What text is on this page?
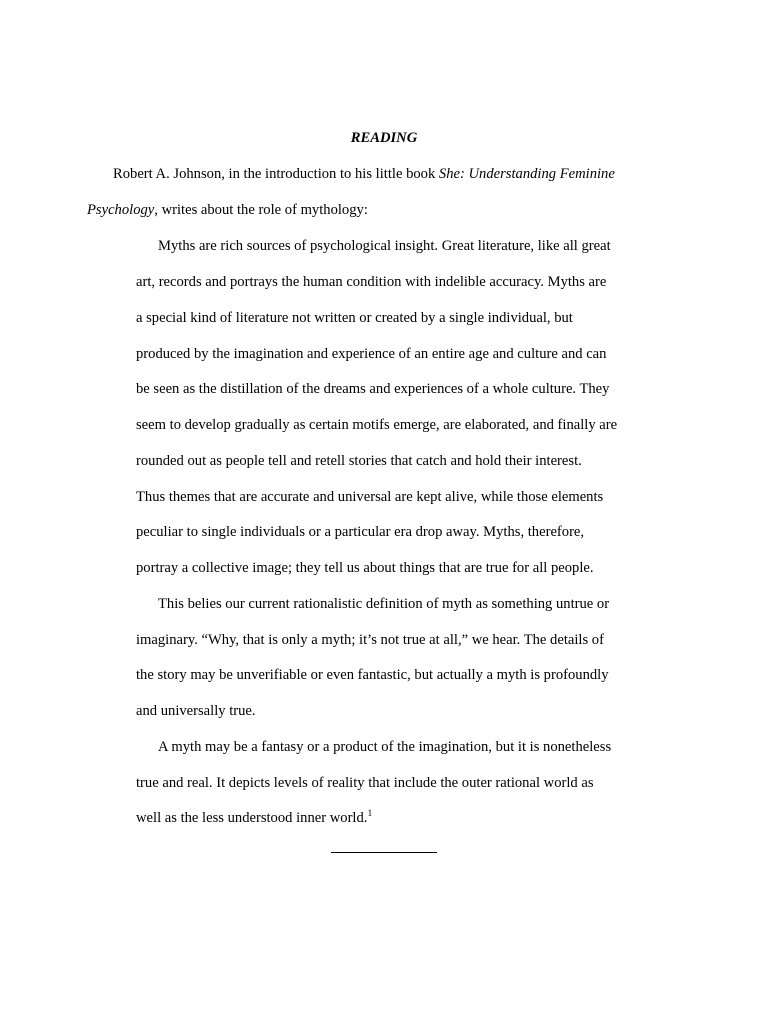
READING
Robert A. Johnson, in the introduction to his little book She: Understanding Feminine
Psychology, writes about the role of mythology:
Myths are rich sources of psychological insight. Great literature, like all great
art, records and portrays the human condition with indelible accuracy. Myths are
a special kind of literature not written or created by a single individual, but
produced by the imagination and experience of an entire age and culture and can
be seen as the distillation of the dreams and experiences of a whole culture. They
seem to develop gradually as certain motifs emerge, are elaborated, and finally are
rounded out as people tell and retell stories that catch and hold their interest.
Thus themes that are accurate and universal are kept alive, while those elements
peculiar to single individuals or a particular era drop away. Myths, therefore,
portray a collective image; they tell us about things that are true for all people.
This belies our current rationalistic definition of myth as something untrue or
imaginary. “Why, that is only a myth; it’s not true at all,” we hear. The details of
the story may be unverifiable or even fantastic, but actually a myth is profoundly
and universally true.
A myth may be a fantasy or a product of the imagination, but it is nonetheless
true and real. It depicts levels of reality that include the outer rational world as
well as the less understood inner world.$^1$
